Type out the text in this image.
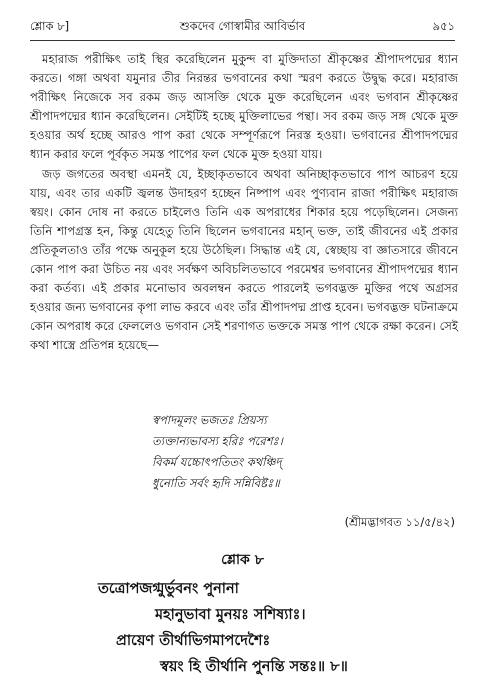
শ্লোক ৮]	শুকদেব গোস্বামীর আবির্ভাব	৯৫১

মহারাজ পরীক্ষিৎ তাই স্থির করেছিলেন মুকুন্দ বা মুক্তিদাতা শ্রীকৃষ্ণের শ্রীপাদপদ্মের ধ্যান করতে। গঙ্গা অথবা যমুনার তীর নিরন্তর ভগবানের কথা স্মরণ করতে উদ্বুদ্ধ করে। মহারাজ পরীক্ষিৎ নিজেকে সব রকম জড় আসক্তি থেকে মুক্ত করেছিলেন এবং ভগবান শ্রীকৃষ্ণের শ্রীপাদপদ্মের ধ্যান করেছিলেন। সেইটিই হচ্ছে মুক্তিলাভের পন্থা। সব রকম জড় সঙ্গ থেকে মুক্ত হওয়ার অর্থ হচ্ছে আরও পাপ করা থেকে সম্পূর্ণরূপে নিরস্ত হওয়া। ভগবানের শ্রীপাদপদ্মের ধ্যান করার ফলে পূর্বকৃত সমস্ত পাপের ফল থেকে মুক্ত হওয়া যায়।

জড় জগতের অবস্থা এমনই যে, ইচ্ছাকৃতভাবে অথবা অনিচ্ছাকৃতভাবে পাপ আচরণ হয়ে যায়, এবং তার একটি জ্বলন্ত উদাহরণ হচ্ছেন নিষ্পাপ এবং পুণ্যবান রাজা পরীক্ষিৎ মহারাজ স্বয়ং। কোন দোষ না করতে চাইলেও তিনি এক অপরাধের শিকার হয়ে পড়েছিলেন। সেজন্য তিনি শাপগ্রস্ত হন, কিন্তু যেহেতু তিনি ছিলেন ভগবানের মহান্ ভক্ত, তাই জীবনের এই প্রকার প্রতিকূলতাও তাঁর পক্ষে অনুকূল হয়ে উঠেছিল। সিদ্ধান্ত এই যে, স্বেচ্ছায় বা জ্ঞাতসারে জীবনে কোন পাপ করা উচিত নয় এবং সর্বক্ষণ অবিচলিতভাবে পরমেশ্বর ভগবানের শ্রীপাদপদ্মের ধ্যান করা কর্তব্য। এই প্রকার মনোভাব অবলম্বন করতে পারলেই ভগবদ্ভক্ত মুক্তির পথে অগ্রসর হওয়ার জন্য ভগবানের কৃপা লাভ করবে এবং তাঁর শ্রীপাদপদ্ম প্রাপ্ত হবেন। ভগবদ্ভক্ত ঘটনাক্রমে কোন অপরাধ করে ফেললেও ভগবান সেই শরণাগত ভক্তকে সমস্ত পাপ থেকে রক্ষা করেন। সেই কথা শাস্ত্রে প্রতিপন্ন হয়েছে—

স্বপাদমূলং ভজতঃ প্রিয়স্য
ত্যক্তান্যভাবস্য হরিঃ পরেশঃ।
বিকর্ম যচ্চোৎপতিতং কথঞ্চিদ্
ধুনোতি সর্বং হৃদি সন্নিবিষ্টঃ॥
(শ্রীমদ্ভাগবত ১১/৫/৪২)
শ্লোক ৮
তত্রোপজগ্মুর্ভুবনং পুনানা
মহানুভাবা মুনয়ঃ সশিষ্যাঃ।
প্রায়েণ তীর্থাভিগমাপদেশৈঃ
স্বয়ং হি তীর্থানি পুনন্তি সন্তঃ॥ ৮॥
